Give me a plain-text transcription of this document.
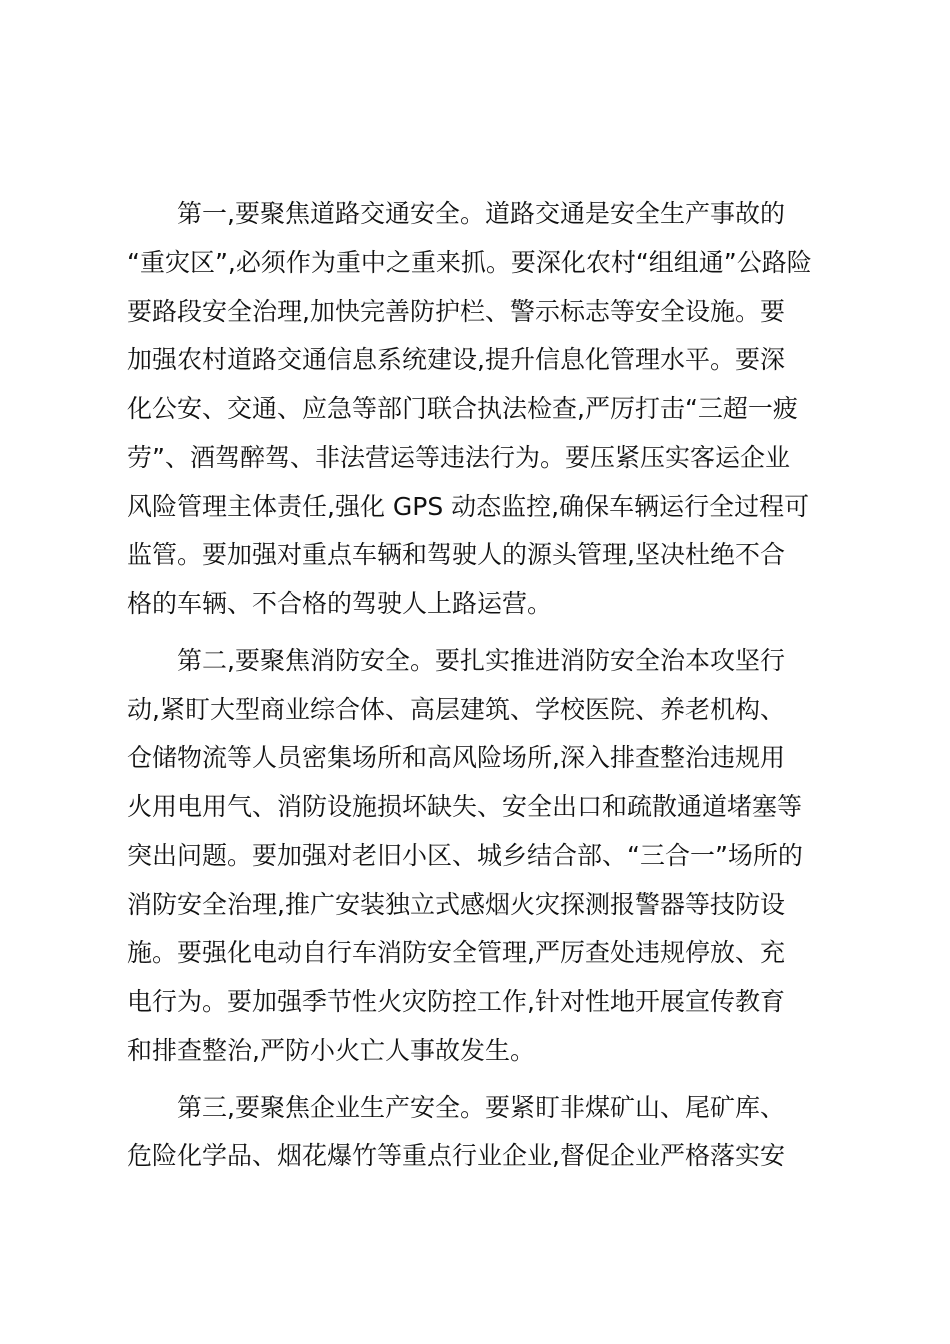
第一,要聚焦道路交通安全。道路交通是安全生产事故的
“重灾区”,必须作为重中之重来抓。要深化农村“组组通”公路险
要路段安全治理,加快完善防护栏、警示标志等安全设施。要
加强农村道路交通信息系统建设,提升信息化管理水平。要深
化公安、交通、应急等部门联合执法检查,严厉打击“三超一疲
劳”、酒驾醉驾、非法营运等违法行为。要压紧压实客运企业
风险管理主体责任,强化 GPS 动态监控,确保车辆运行全过程可
监管。要加强对重点车辆和驾驶人的源头管理,坚决杜绝不合
格的车辆、不合格的驾驶人上路运营。
第二,要聚焦消防安全。要扎实推进消防安全治本攻坚行
动,紧盯大型商业综合体、高层建筑、学校医院、养老机构、
仓储物流等人员密集场所和高风险场所,深入排查整治违规用
火用电用气、消防设施损坏缺失、安全出口和疏散通道堵塞等
突出问题。要加强对老旧小区、城乡结合部、“三合一”场所的
消防安全治理,推广安装独立式感烟火灾探测报警器等技防设
施。要强化电动自行车消防安全管理,严厉查处违规停放、充
电行为。要加强季节性火灾防控工作,针对性地开展宣传教育
和排查整治,严防小火亡人事故发生。
第三,要聚焦企业生产安全。要紧盯非煤矿山、尾矿库、
危险化学品、烟花爆竹等重点行业企业,督促企业严格落实安
